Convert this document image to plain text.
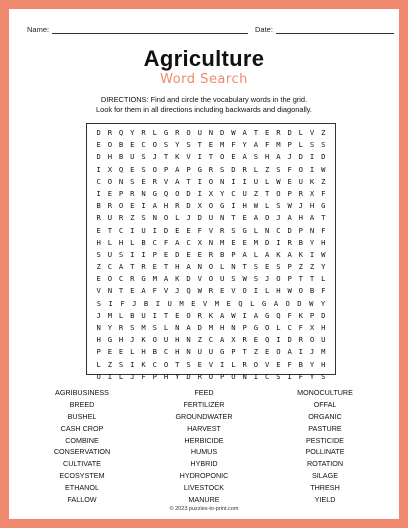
Name:	Date:
Agriculture
Word Search
DIRECTIONS: Find and circle the vocabulary words in the grid.
Look for them in all directions including backwards and diagonally.
D R Q Y R L G R O U N D W A T E R D L V Z
E O B E C O S Y S T E M F Y A F M P L S S
D H B U S J T K V I T O E A S H A J D I D
I X Q E S O P A P G R S D R L Z S F O I W
C O N S E R V A T I O N I I U L W E U K Z
I E P R N G Q O D I X Y C U Z T O P R X F
B R O E I A H R D X O G I H W L S W J H G
R U R Z S N O L J D U N T E A O J A H A T
E T C I U I D E E F V R S G L N C D P N F
H L H L B C F A C X N M E E M D I R B Y H
S U S I I P E D E E R B P A L A K A K I W
Z C A T R E T H A N O L N T S E S P Z Z Y
E O C R G M A K D V O U S W S J O P T T L
V N T E A F V J Q W R E V O I L H W O B F
S	I	F	J	B	I	U	M	E	V	M	E	Q	L	G	A	O	D	W	Y
J M L B U I T E O R K A W I A G Q F K P D
N Y R S M S L N A D M H N P G O L C F X H
H G H J K O U H N Z C A X R E Q I D R O U
P E E L H B C H N U U G P T Z E O A I J M
L Z S I K C O T S E V I L R O V E F B Y H
O I L J F P H Y D R O P O N I C S I F Y S
AGRIBUSINESS
BREED
BUSHEL
CASH CROP
COMBINE
CONSERVATION
CULTIVATE
ECOSYSTEM
ETHANOL
FALLOW
FEED
FERTILIZER
GROUNDWATER
HARVEST
HERBICIDE
HUMUS
HYBRID
HYDROPONIC
LIVESTOCK
MANURE
MONOCULTURE
OFFAL
ORGANIC
PASTURE
PESTICIDE
POLLINATE
ROTATION
SILAGE
THRESH
YIELD
© 2023 puzzles-to-print.com
